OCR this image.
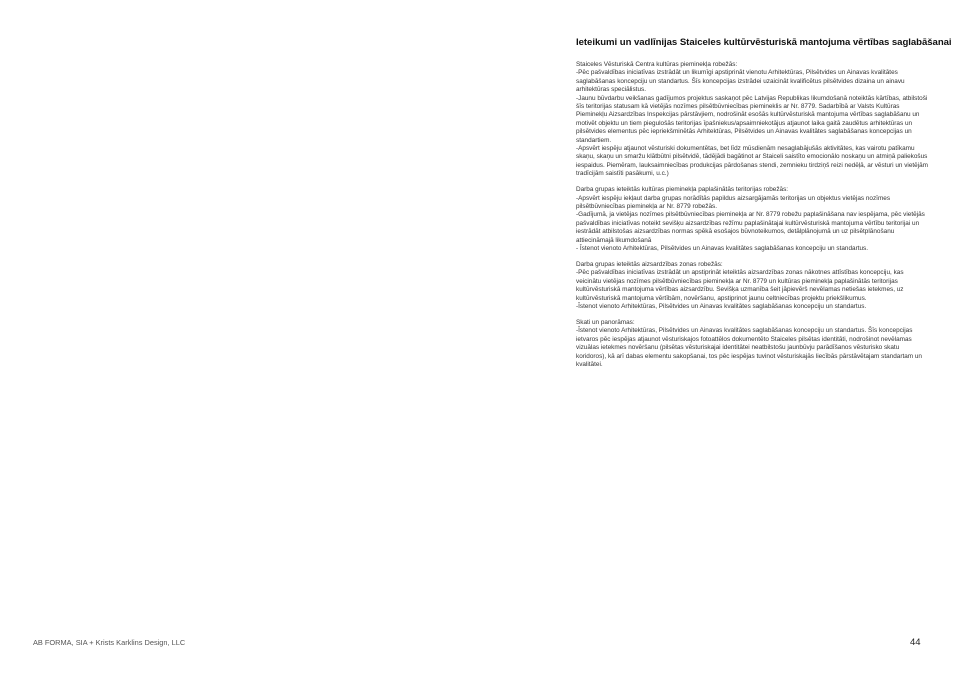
Ieteikumi un vadlīnijas Staiceles kultūrvēsturiskā mantojuma vērtības saglabāšanai

Staiceles Vēsturiskā Centra kultūras pieminekļa robežās:

-Pēc pašvaldības iniciatīvas izstrādāt un likumīgi apstiprināt vienotu Arhitektūras, Pilsētvides un Ainavas kvalitātes saglabāšanas koncepciju un standartus. Šīs koncepcijas izstrādei uzaicināt kvalificētus pilsētvides dizaina un ainavu arhitektūras speciālistus.

-Jaunu būvdarbu veikšanas gadījumos projektus saskaņot pēc Latvijas Republikas likumdošanā noteiktās kārtības, atbilstoši šīs teritorijas statusam kā vietējās nozīmes pilsētbūvniecības piemineklis ar Nr. 8779. Sadarbībā ar Valsts Kultūras Pieminekļu Aizsardzības Inspekcijas pārstāvjiem, nodrošināt esošās kultūrvēsturiskā mantojuma vērtības saglabāšanu un motivēt objektu un tiem piegulošās teritorijas īpašniekus/apsaimniekotājus atjaunot laika gaitā zaudētus arhitektūras un pilsētvides elementus pēc iepriekšminētās Arhitektūras, Pilsētvides un Ainavas kvalitātes saglabāšanas koncepcijas un standartiem.

-Apsvērt iespēju atjaunot vēsturiski dokumentētas, bet līdz mūsdienām nesaglabājušās aktivitātes, kas vairotu patīkamu skaņu, skaņu un smaržu klātbūtni pilsētvidē, tādējādi bagātinot ar Staiceli saistīto emocionālo noskaņu un atmiņā paliekošus iespaidus. Piemēram, lauksaimniecības produkcijas pārdošanas stendi, zemnieku tirdziņš reizi nedēļā, ar vēsturi un vietējām tradīcijām saistīti pasākumi, u.c.)

Darba grupas ieteiktās kultūras pieminekļa paplašinātās teritorijas robežās:

-Apsvērt iespēju iekļaut darba grupas norādītās papildus aizsargājamās teritorijas un objektus vietējas nozīmes pilsētbūvniecības pieminekļa ar Nr. 8779 robežās.

-Gadījumā, ja vietējas nozīmes pilsētbūvniecības pieminekļa ar Nr. 8779 robežu paplašināšana nav iespējama, pēc vietējās pašvaldības iniciatīvas noteikt sevišķu aizsardzības režīmu paplašinātajai kultūrvēsturiskā mantojuma vērtību teritorijai un iestrādāt atbilstošas aizsardzības normas spēkā esošajos būvnoteikumos, detālplānojumā un uz pilsētplānošanu attiecināmajā likumdošanā

- Īstenot vienoto Arhitektūras, Pilsētvides un Ainavas kvalitātes saglabāšanas koncepciju un standartus.

Darba grupas ieteiktās aizsardzības zonas robežās:

-Pēc pašvaldības iniciatīvas izstrādāt un apstiprināt ieteiktās aizsardzības zonas nākotnes attīstības koncepciju, kas veicinātu vietējas nozīmes pilsētbūvniecības pieminekļa ar Nr. 8779 un kultūras pieminekļa paplašinātās teritorijas kultūrvēsturiskā mantojuma vērtības aizsardzību. Sevišķa uzmanība šeit jāpievērš nevēlamas netiešas ietekmes, uz kultūrvēsturiskā mantojuma vērtībām, novēršanu, apstiprinot jaunu celtniecības projektu priekšlikumus.

-Īstenot vienoto Arhitektūras, Pilsētvides un Ainavas kvalitātes saglabāšanas koncepciju un standartus.

Skati un panorāmas:

-Īstenot vienoto Arhitektūras, Pilsētvides un Ainavas kvalitātes saglabāšanas koncepciju un standartus. Šīs koncepcijas ietvaros pēc iespējas atjaunot vēsturiskajos fotoattēlos dokumentēto Staiceles pilsētas identitāti, nodrošinot nevēlamas vizuālas ietekmes novēršanu (pilsētas vēsturiskajai identitātei neatbilstošu jaunbūvju parādīšanos vēsturisko skatu koridoros), kā arī dabas elementu sakopšanai, tos pēc iespējas tuvinot vēsturiskajās liecībās pārstāvētajam standartam un kvalitātei.

AB FORMA, SIA + Krists Karklins Design, LLC	44
